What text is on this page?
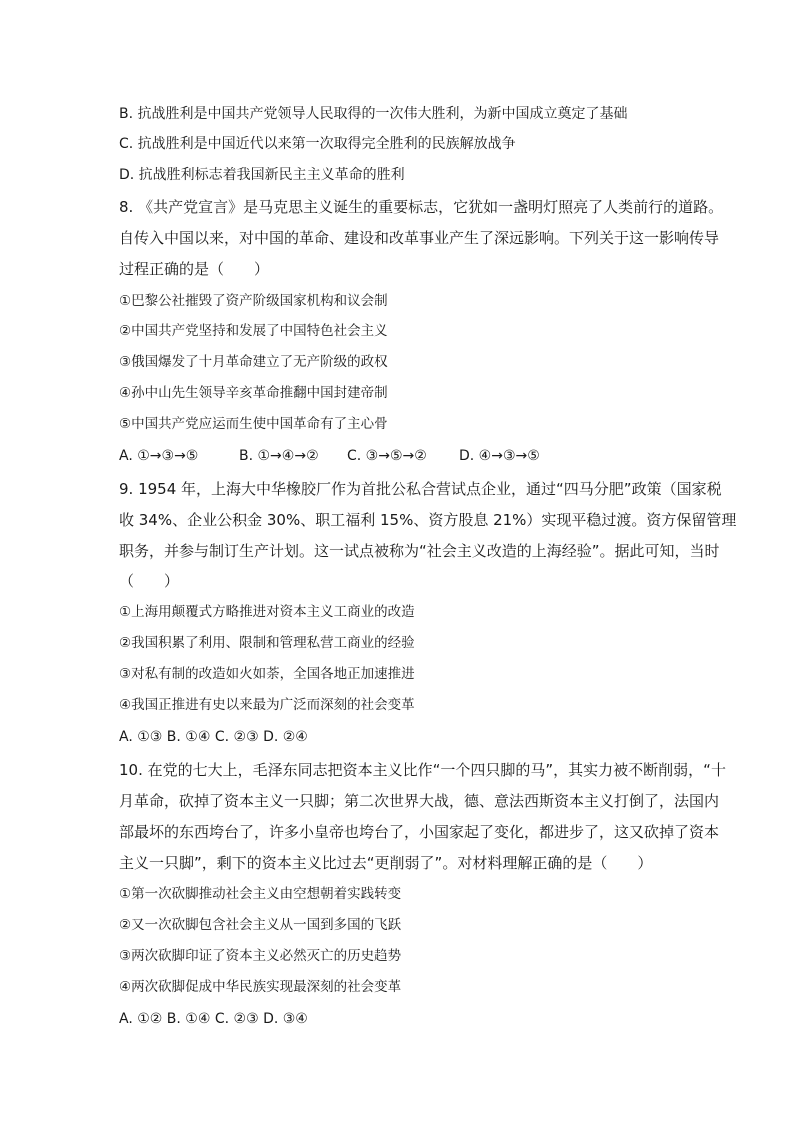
B. 抗战胜利是中国共产党领导人民取得的一次伟大胜利，为新中国成立奠定了基础
C. 抗战胜利是中国近代以来第一次取得完全胜利的民族解放战争
D. 抗战胜利标志着我国新民主主义革命的胜利
8. 《共产党宣言》是马克思主义诞生的重要标志，它犹如一盏明灯照亮了人类前行的道路。
自传入中国以来，对中国的革命、建设和改革事业产生了深远影响。下列关于这一影响传导
过程正确的是（　　）
①巴黎公社摧毁了资产阶级国家机构和议会制
②中国共产党坚持和发展了中国特色社会主义
③俄国爆发了十月革命建立了无产阶级的政权
④孙中山先生领导辛亥革命推翻中国封建帝制
⑤中国共产党应运而生使中国革命有了主心骨
A. ①→③→⑤	B. ①→④→② C. ③→⑤→② D. ④→③→⑤
9. 1954 年，上海大中华橡胶厂作为首批公私合营试点企业，通过“四马分肥”政策（国家税
收 34%、企业公积金 30%、职工福利 15%、资方股息 21%）实现平稳过渡。资方保留管理
职务，并参与制订生产计划。这一试点被称为“社会主义改造的上海经验”。据此可知，当时
（　　）
①上海用颠覆式方略推进对资本主义工商业的改造
②我国积累了利用、限制和管理私营工商业的经验
③对私有制的改造如火如荼，全国各地正加速推进
④我国正推进有史以来最为广泛而深刻的社会变革
A. ①③ B. ①④ C. ②③ D. ②④
10. 在党的七大上，毛泽东同志把资本主义比作“一个四只脚的马”，其实力被不断削弱，“十
月革命，砍掉了资本主义一只脚；第二次世界大战，德、意法西斯资本主义打倒了，法国内
部最坏的东西垮台了，许多小皇帝也垮台了，小国家起了变化，都进步了，这又砍掉了资本
主义一只脚”，剩下的资本主义比过去“更削弱了”。对材料理解正确的是（　　）
①第一次砍脚推动社会主义由空想朝着实践转变
②又一次砍脚包含社会主义从一国到多国的飞跃
③两次砍脚印证了资本主义必然灭亡的历史趋势
④两次砍脚促成中华民族实现最深刻的社会变革
A. ①② B. ①④ C. ②③ D. ③④
